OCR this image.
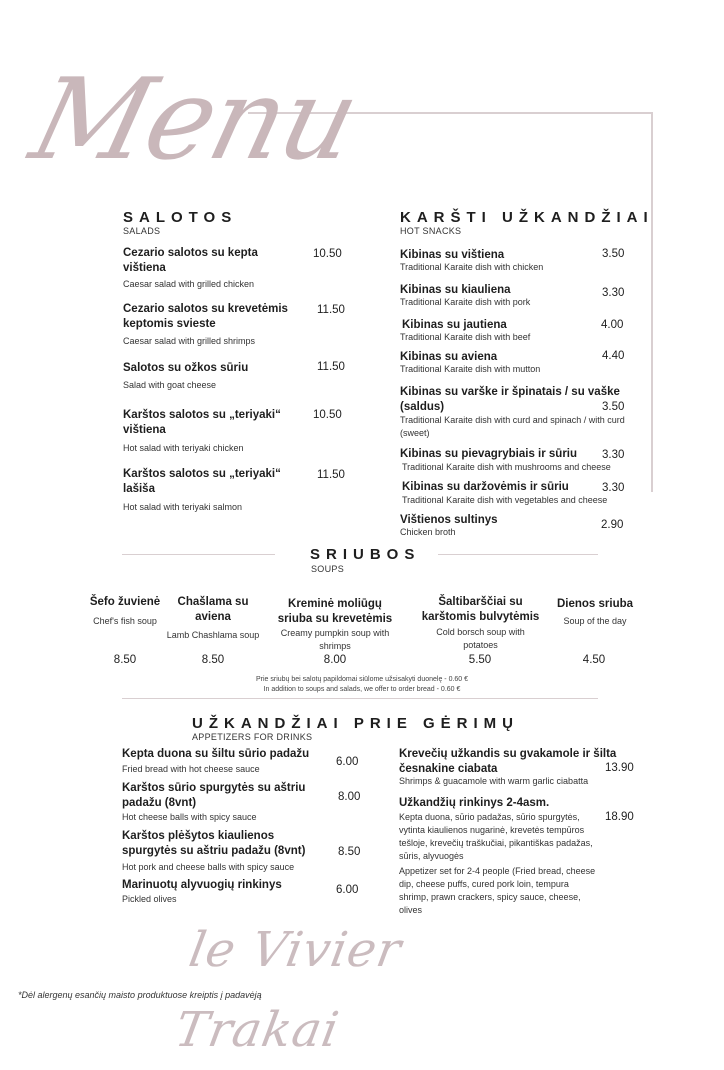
Menu
SALOTOS
SALADS
Cezario salotos su kepta vištiena
Caesar salad with grilled chicken
10.50
Cezario salotos su krevetėmis keptomis svieste
Caesar salad with grilled shrimps
11.50
Salotos su ožkos sūriu
Salad with goat cheese
11.50
Karštos salotos su „teriyaki“ vištiena
Hot salad with teriyaki chicken
10.50
Karštos salotos su „teriyaki“ lašiša
Hot salad with teriyaki salmon
11.50
KARŠTI UŽKANDŽIAI
HOT SNACKS
Kibinas su vištiena
Traditional Karaite dish with chicken
3.50
Kibinas su kiauliena
Traditional Karaite dish with pork
3.30
Kibinas su jautiena
Traditional Karaite dish with beef
4.00
Kibinas su aviena
Traditional Karaite dish with mutton
4.40
Kibinas su varške ir špinatais / su vaške (saldus)
Traditional Karaite dish with curd and spinach / with curd (sweet)
3.50
Kibinas su pievagrybiais ir sūriu
Traditional Karaite dish with mushrooms and cheese
3.30
Kibinas su daržovėmis ir sūriu
Traditional Karaite dish with vegetables and cheese
3.30
Vištienos sultinys
Chicken broth
2.90
SRIUBOS
SOUPS
Šefo žuvienė
Chef's fish soup
8.50
Chašlama su aviena
Lamb Chashlama soup
8.50
Kreminė moliūgų sriuba su krevetėmis
Creamy pumpkin soup with shrimps
8.00
Šaltibarščiai su karštomis bulvytėmis
Cold borsch soup with potatoes
5.50
Dienos sriuba
Soup of the day
4.50
Prie sriubų bei salotų papildomai siūlome užsisakyti duonelę - 0.60 €
In addition to soups and salads, we offer to order bread - 0.60 €
UŽKANDŽIAI PRIE GĖRIMŲ
APPETIZERS FOR DRINKS
Kepta duona su šiltu sūrio padažu
Fried bread with hot cheese sauce
6.00
Karštos sūrio spurgytės su aštriu padažu (8vnt)
Hot cheese balls with spicy sauce
8.00
Karštos plėšytos kiaulienos spurgytės su aštriu padažu (8vnt)
Hot pork and cheese balls with spicy sauce
8.50
Marinuotų alyvuogių rinkinys
Pickled olives
6.00
Krevečių užkandis su gvakamole ir šilta česnakine ciabata
Shrimps & guacamole with warm garlic ciabatta
13.90
Užkandžių rinkinys 2-4asm.
Kepta duona, sūrio padažas, sūrio spurgytės, vytinta kiaulienos nugarinė, krevetės tempūros tešloje, krevečių traškučiai, pikantiškas padažas, sūris, alyvuogės
Appetizer set for 2-4 people (Fried bread, cheese dip, cheese puffs, cured pork loin, tempura shrimp, prawn crackers, spicy sauce, cheese, olives
18.90
le Vivier Trakai
*Dėl alergenų esančių maisto produktuose kreiptis į padavėją
